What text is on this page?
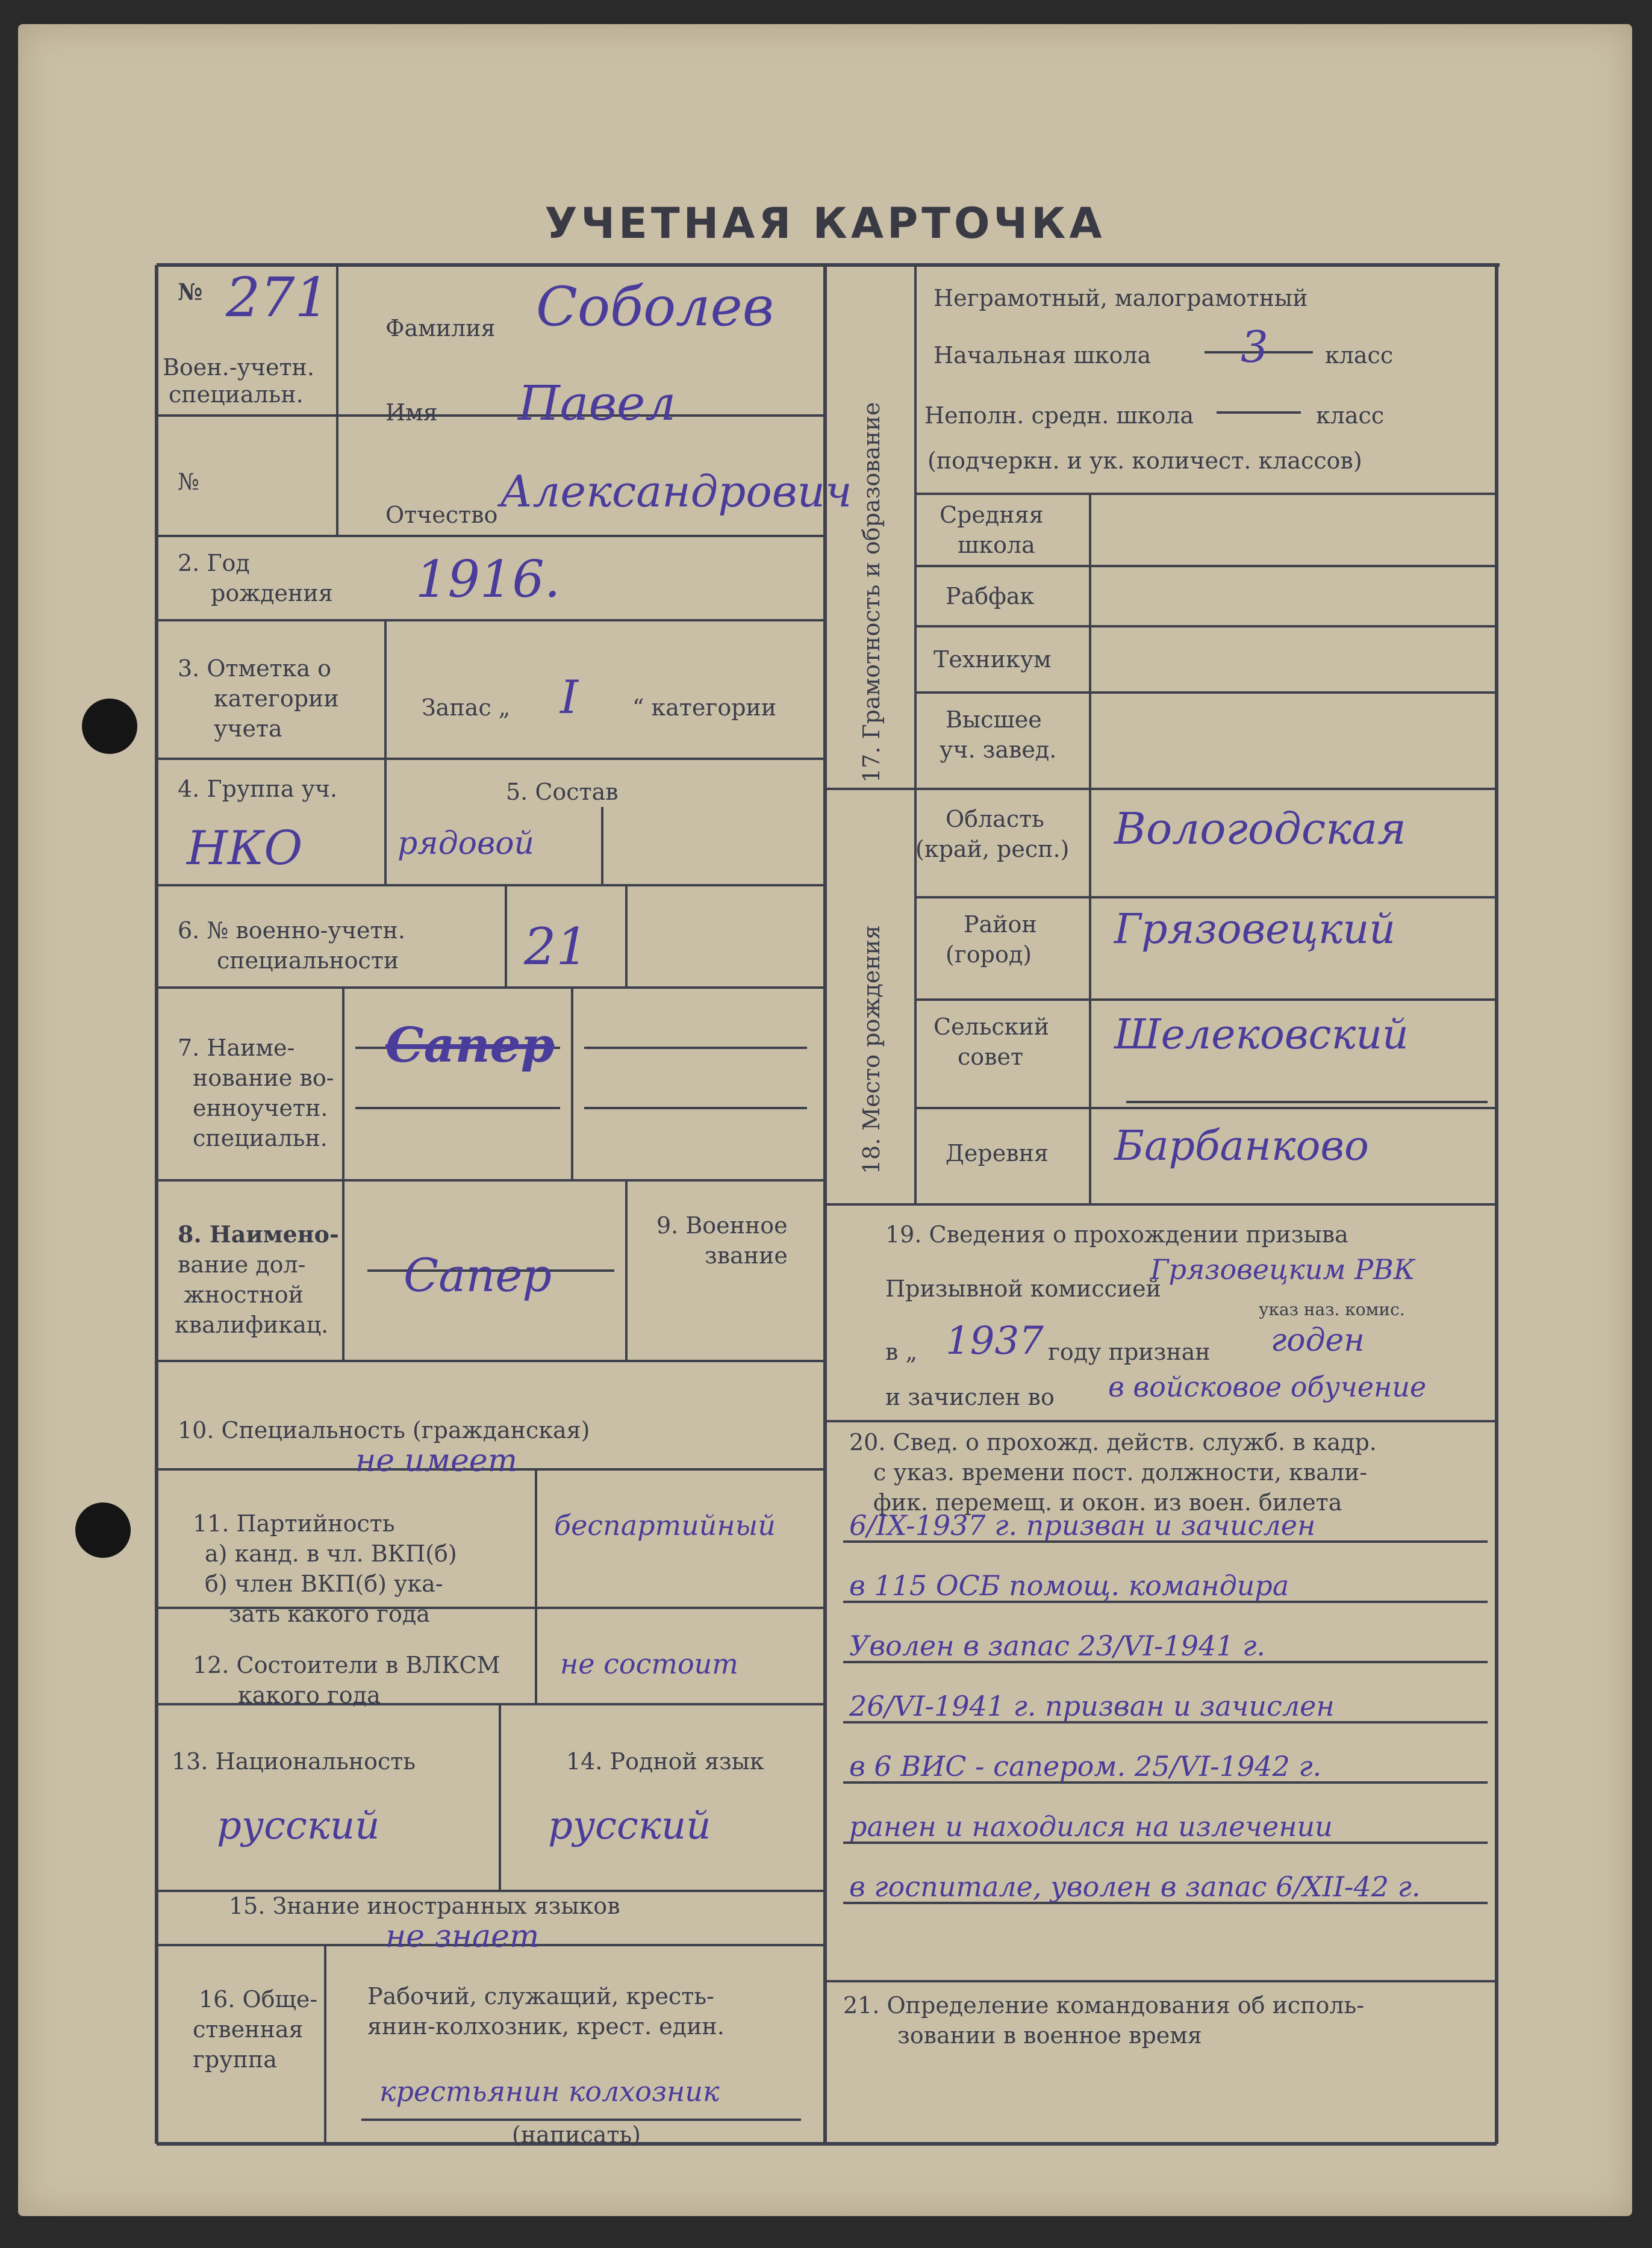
УЧЕТНАЯ КАРТОЧКА
№ 271
Воен.-учетн.
специальн.
№
Фамилия Соболев
Имя Павел
Отчество Александрович
2. Год
рождения 1916.
3. Отметка о
категории
учета
Запас „ I “ категории
4. Группа уч.
НКО
5. Состав
рядовой
6. № военно-учетн.
специальности 21
7. Наиме-
нование во-
енноучетн.
специальн.
Сапер
8. Наимено-
вание дол-
жностной
квалификац.
Сапер
9. Военное
звание
10. Специальность (гражданская)
не имеет
11. Партийность
а) канд. в чл. ВКП(б)
б) член ВКП(б) ука-
зать какого года
беспартийный
12. Состоители в ВЛКСМ
какого года
не состоит
13. Национальность
русский
14. Родной язык
русский
15. Знание иностранных языков
не знает
16. Обще-
ственная
группа
Рабочий, служащий, кресть-
янин-колхозник, крест. един.
крестьянин колхозник
(написать)
17. Грамотность и образование
Неграмотный, малограмотный
Начальная школа 3 класс
Неполн. средн. школа	класс
(подчеркн. и ук. количест. классов)
Средняя
школа
Рабфак
Техникум
Высшее
уч. завед.
18. Место рождения
Область
(край, респ.) Вологодская
Район
(город)
Грязовецкий
Сельский
совет Шелековский
Деревня Барбанково
19. Сведения о прохождении призыва
Призывной комиссией
Грязовецким РВК
указ наз. комис.
в „ 1937 году признан годен
и зачислен во в войсковое обучение
20. Свед. о прохожд. действ. служб. в кадр.
с указ. времени пост. должности, квали-
фик. перемещ. и окон. из воен. билета
6/IX-1937 г. призван и зачислен
в 115 ОСБ помощ. командира
Уволен в запас 23/VI-1941 г.
26/VI-1941 г. призван и зачислен
в 6 ВИС - сапером. 25/VI-1942 г.
ранен и находился на излечении
в госпитале, уволен в запас 6/XII-42 г.
21. Определение командования об исполь-
зовании в военное время
